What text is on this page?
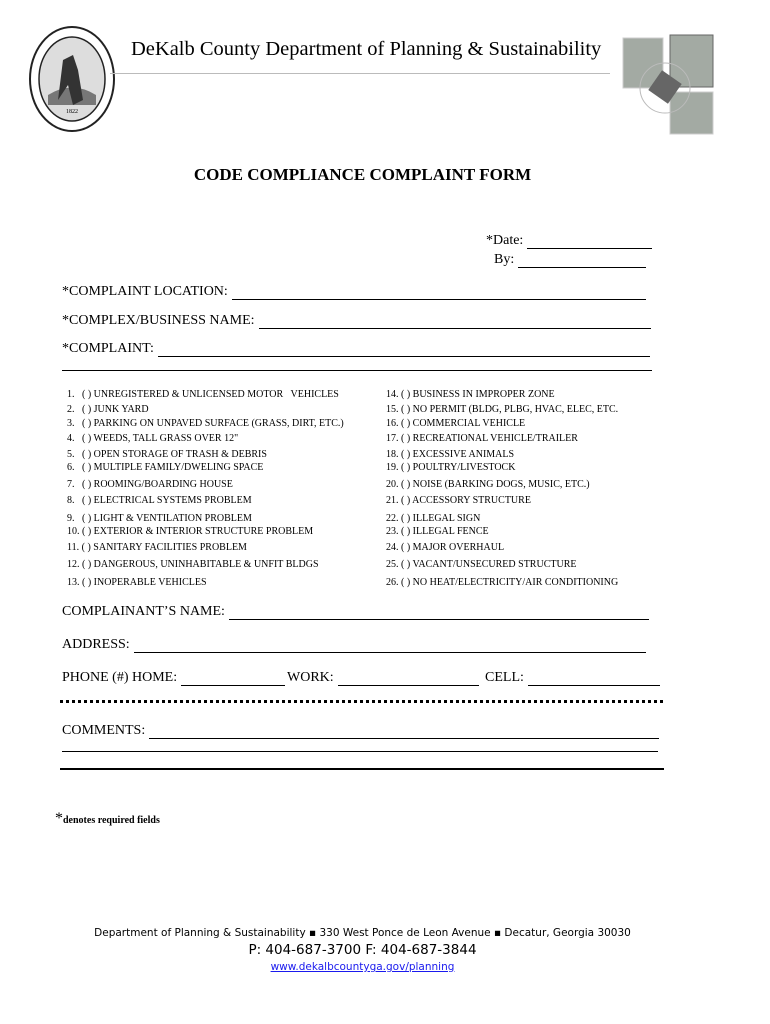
1822
DeKalb County Department of Planning & Sustainability
CODE COMPLIANCE COMPLAINT FORM
*Date:
By:
*COMPLAINT LOCATION:
*COMPLEX/BUSINESS NAME:
*COMPLAINT:
1.   ( ) UNREGISTERED & UNLICENSED MOTOR   VEHICLES
2.   ( ) JUNK YARD
3.   ( ) PARKING ON UNPAVED SURFACE (GRASS, DIRT, ETC.)
4.   ( ) WEEDS, TALL GRASS OVER 12"
5.   ( ) OPEN STORAGE OF TRASH & DEBRIS
6.   ( ) MULTIPLE FAMILY/DWELING SPACE
7.   ( ) ROOMING/BOARDING HOUSE
8.   ( ) ELECTRICAL SYSTEMS PROBLEM
9.   ( ) LIGHT & VENTILATION PROBLEM
10. ( ) EXTERIOR & INTERIOR STRUCTURE PROBLEM
11. ( ) SANITARY FACILITIES PROBLEM
12. ( ) DANGEROUS, UNINHABITABLE & UNFIT BLDGS
13. ( ) INOPERABLE VEHICLES
14. ( ) BUSINESS IN IMPROPER ZONE
15. ( ) NO PERMIT (BLDG, PLBG, HVAC, ELEC, ETC.
16. ( ) COMMERCIAL VEHICLE
17. ( ) RECREATIONAL VEHICLE/TRAILER
18. ( ) EXCESSIVE ANIMALS
19. ( ) POULTRY/LIVESTOCK
20. ( ) NOISE (BARKING DOGS, MUSIC, ETC.)
21. ( ) ACCESSORY STRUCTURE
22. ( ) ILLEGAL SIGN
23. ( ) ILLEGAL FENCE
24. ( ) MAJOR OVERHAUL
25. ( ) VACANT/UNSECURED STRUCTURE
26. ( ) NO HEAT/ELECTRICITY/AIR CONDITIONING
COMPLAINANT’S NAME:
ADDRESS:
PHONE (#) HOME:	WORK:	CELL:
COMMENTS:
*denotes required fields
Department of Planning & Sustainability ▪ 330 West Ponce de Leon Avenue ▪ Decatur, Georgia 30030
P: 404-687-3700 F: 404-687-3844
www.dekalbcountyga.gov/planning
